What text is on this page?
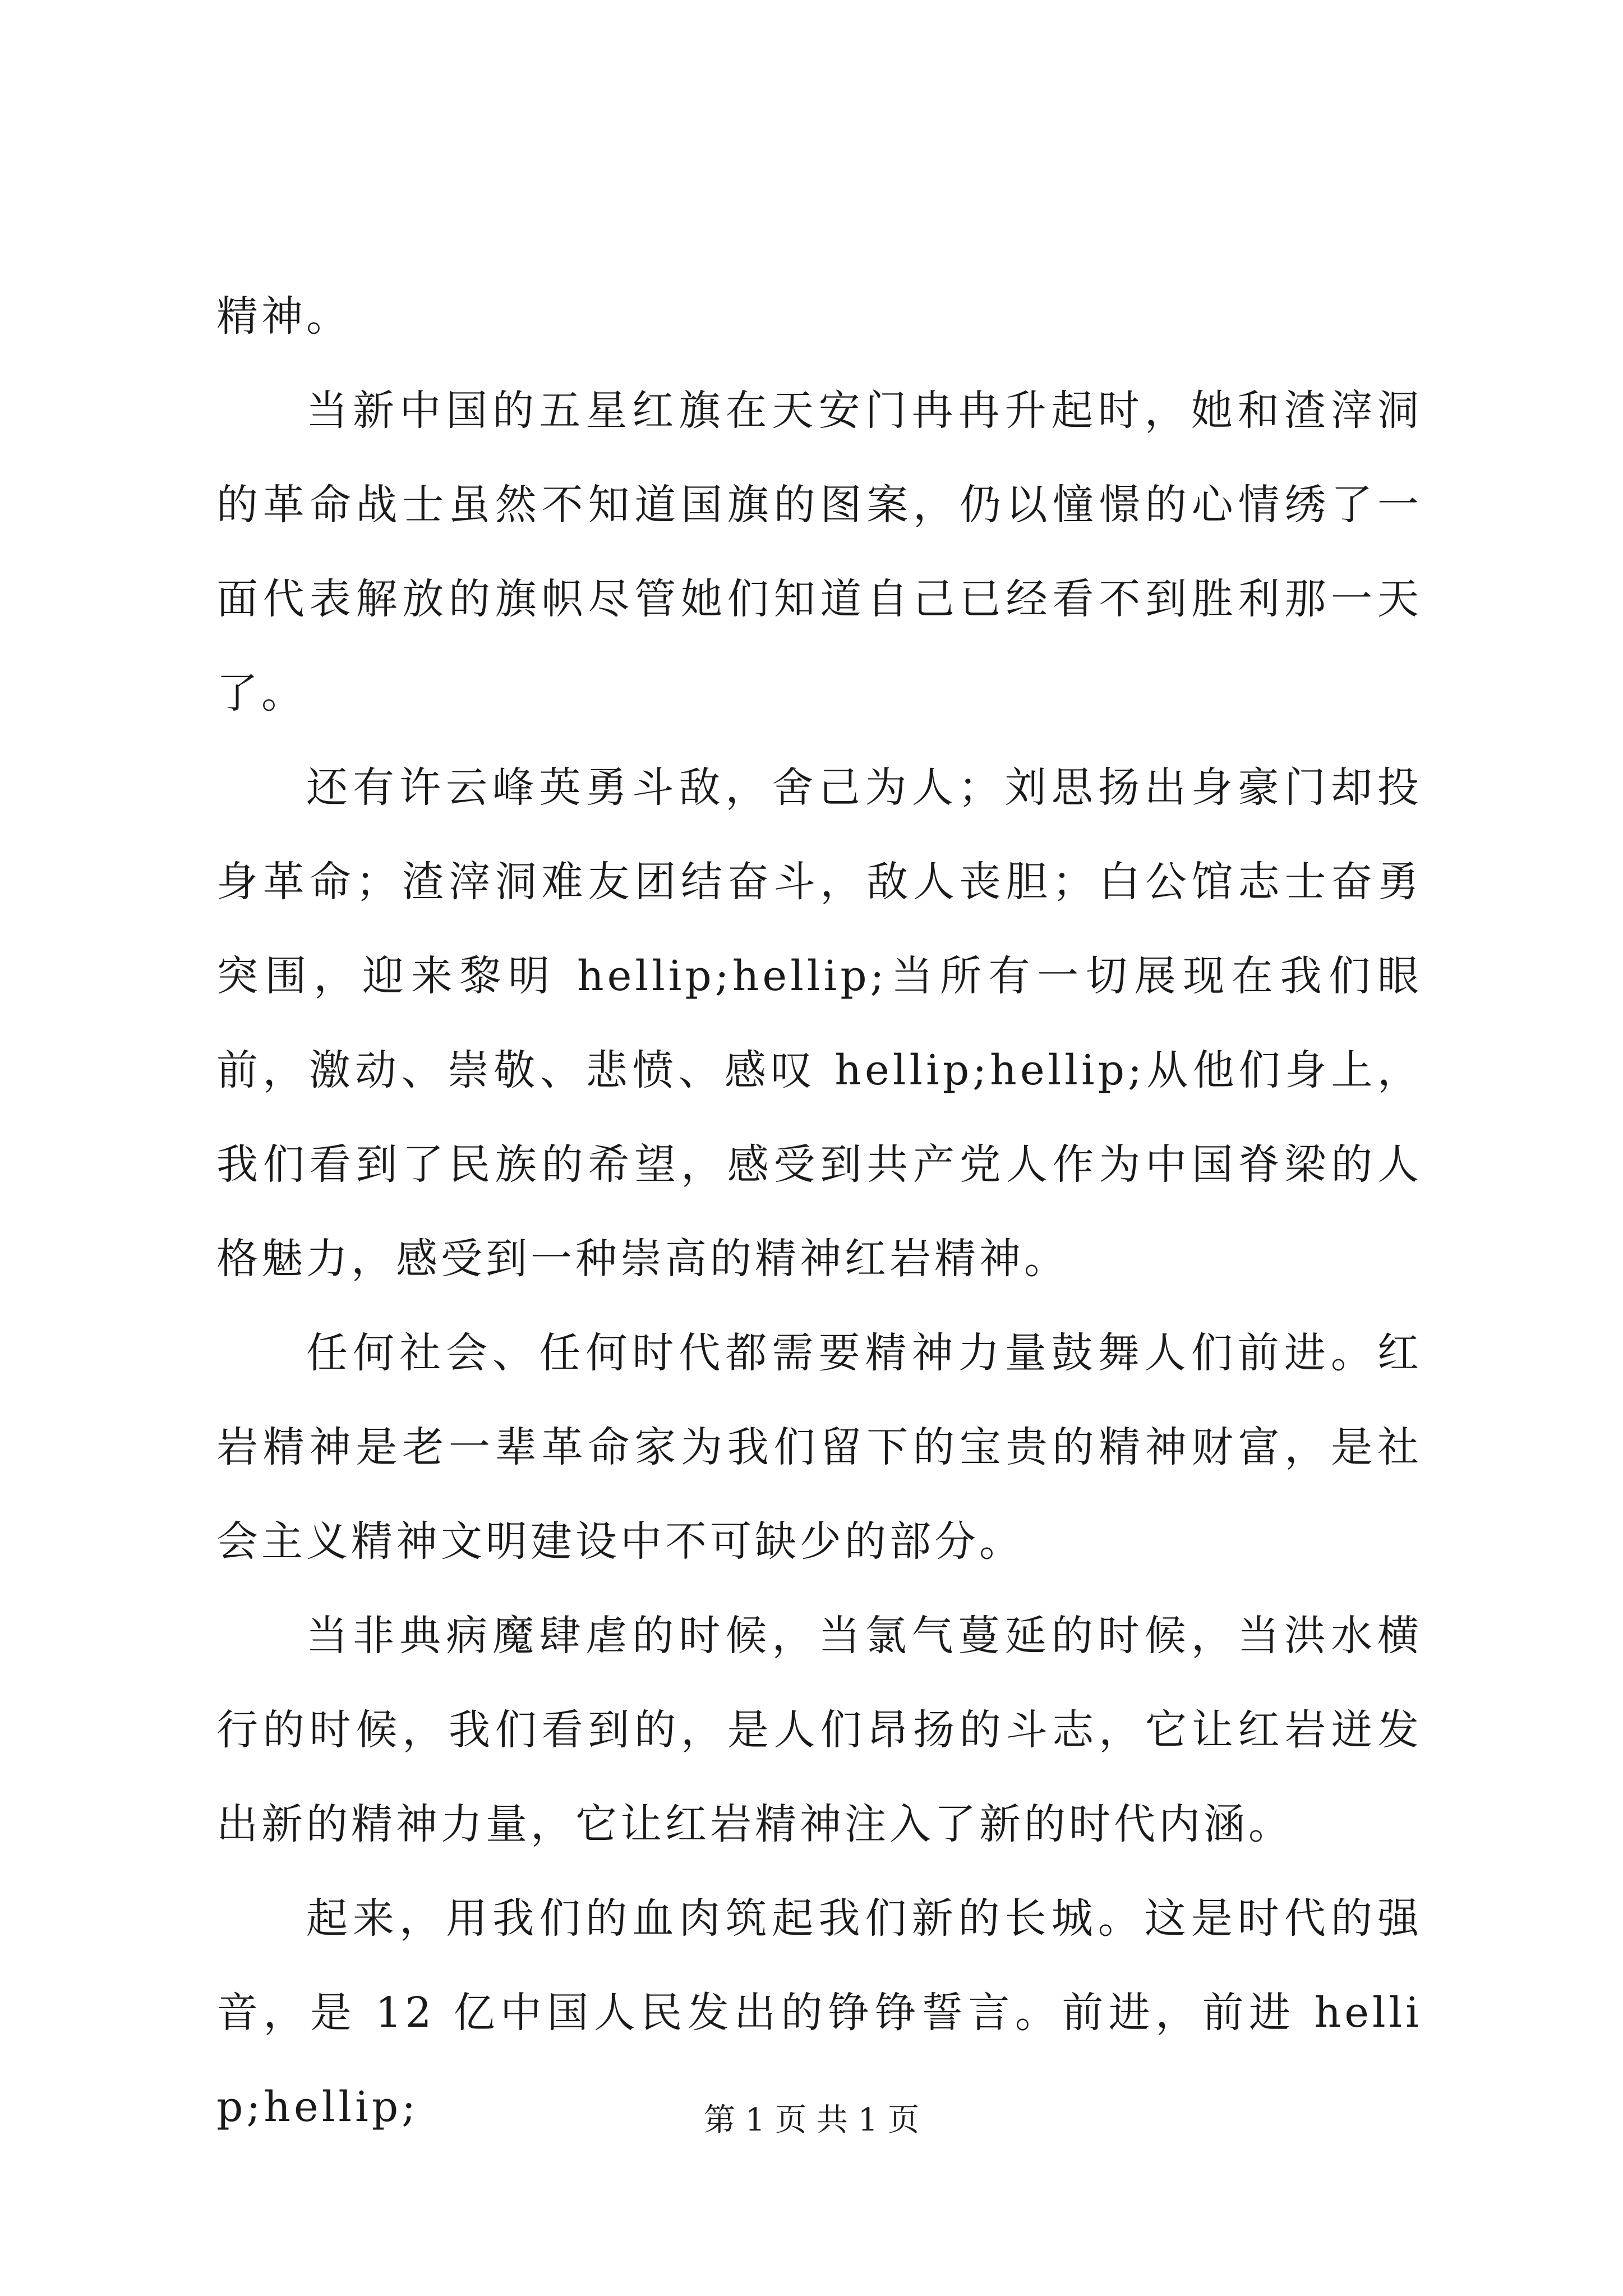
精神。

当新中国的五星红旗在天安门冉冉升起时，她和渣滓洞的革命战士虽然不知道国旗的图案，仍以憧憬的心情绣了一面代表解放的旗帜尽管她们知道自己已经看不到胜利那一天了。

还有许云峰英勇斗敌，舍己为人；刘思扬出身豪门却投身革命；渣滓洞难友团结奋斗，敌人丧胆；白公馆志士奋勇突围，迎来黎明 hellip;hellip;当所有一切展现在我们眼前，激动、崇敬、悲愤、感叹 hellip;hellip;从他们身上，我们看到了民族的希望，感受到共产党人作为中国脊梁的人格魅力，感受到一种崇高的精神红岩精神。

任何社会、任何时代都需要精神力量鼓舞人们前进。红岩精神是老一辈革命家为我们留下的宝贵的精神财富，是社会主义精神文明建设中不可缺少的部分。

当非典病魔肆虐的时候，当氯气蔓延的时候，当洪水横行的时候，我们看到的，是人们昂扬的斗志，它让红岩迸发出新的精神力量，它让红岩精神注入了新的时代内涵。

起来，用我们的血肉筑起我们新的长城。这是时代的强音，是 12 亿中国人民发出的铮铮誓言。前进，前进 hellip;hellip;	第 1 页 共 1 页
